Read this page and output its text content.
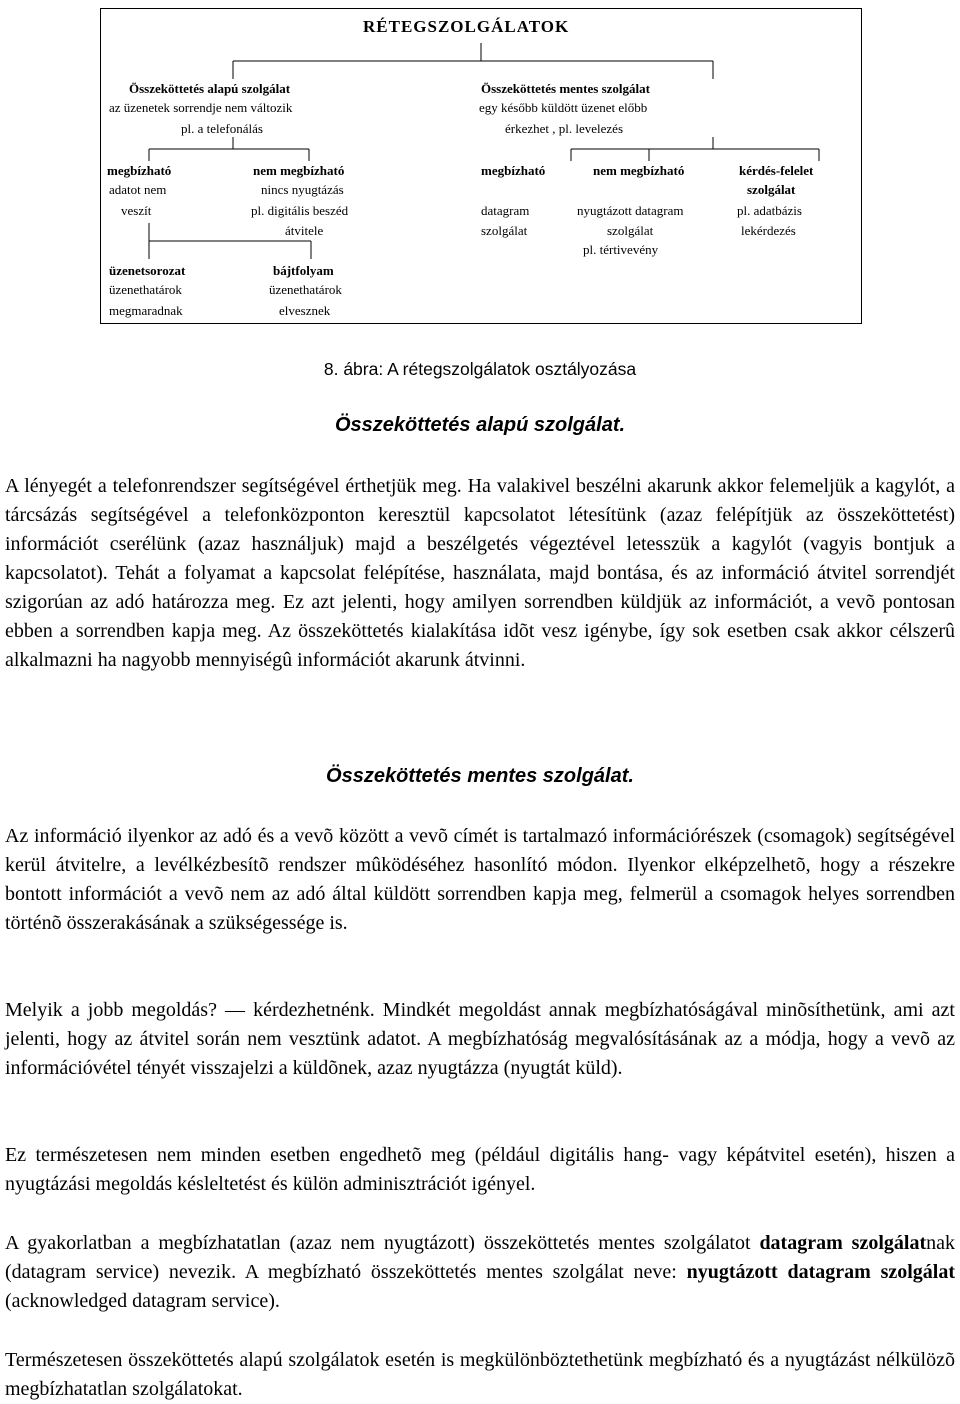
RÉTEGSZOLGÁLATOK
Összeköttetés alapú szolgálat
az üzenetek sorrendje nem változik
pl. a telefonálás
Összeköttetés mentes szolgálat
egy később küldött üzenet előbb
érkezhet , pl. levelezés
megbízható
adatot nem
veszít
nem megbízható
nincs nyugtázás
pl. digitális beszéd
átvitele
üzenetsorozat
üzenethatárok
megmaradnak
bájtfolyam
üzenethatárok
elvesznek
megbízható
datagram
szolgálat
nem megbízható
nyugtázott datagram
szolgálat
pl. tértivevény
kérdés-felelet
szolgálat
pl. adatbázis
lekérdezés
8. ábra: A rétegszolgálatok osztályozása
Összeköttetés alapú szolgálat.
A lényegét a telefonrendszer segítségével érthetjük meg. Ha valakivel beszélni akarunk akkor felemeljük a kagylót, a tárcsázás segítségével a telefonközponton keresztül kapcsolatot létesítünk (azaz felépítjük az összeköttetést) információt cserélünk (azaz használjuk) majd a beszélgetés végeztével letesszük a kagylót (vagyis bontjuk a kapcsolatot). Tehát a folyamat a kapcsolat felépítése, használata, majd bontása, és az információ átvitel sorrendjét szigorúan az adó határozza meg. Ez azt jelenti, hogy amilyen sorrendben küldjük az információt, a vevõ pontosan ebben a sorrendben kapja meg. Az összeköttetés kialakítása idõt vesz igénybe, így sok esetben csak akkor célszerû alkalmazni ha nagyobb mennyiségû információt akarunk átvinni.
Összeköttetés mentes szolgálat.
Az információ ilyenkor az adó és a vevõ között a vevõ címét is tartalmazó információrészek (csomagok) segítségével kerül átvitelre, a levélkézbesítõ rendszer mûködéséhez hasonlító módon. Ilyenkor elképzelhetõ, hogy a részekre bontott információt a vevõ nem az adó által küldött sorrendben kapja meg, felmerül a csomagok helyes sorrendben történõ összerakásának a szükségessége is.
Melyik a jobb megoldás? — kérdezhetnénk. Mindkét megoldást annak megbízhatóságával minõsíthetünk, ami azt jelenti, hogy az átvitel során nem vesztünk adatot. A megbízhatóság megvalósításának az a módja, hogy a vevõ az információvétel tényét visszajelzi a küldõnek, azaz nyugtázza (nyugtát küld).
Ez természetesen nem minden esetben engedhetõ meg (például digitális hang- vagy képátvitel esetén), hiszen a nyugtázási megoldás késleltetést és külön adminisztrációt igényel.
A gyakorlatban a megbízhatatlan (azaz nem nyugtázott) összeköttetés mentes szolgálatot datagram szolgálatnak (datagram service) nevezik. A megbízható összeköttetés mentes szolgálat neve: nyugtázott datagram szolgálat (acknowledged datagram service).
Természetesen összeköttetés alapú szolgálatok esetén is megkülönböztethetünk megbízható és a nyugtázást nélkülözõ megbízhatatlan szolgálatokat.
